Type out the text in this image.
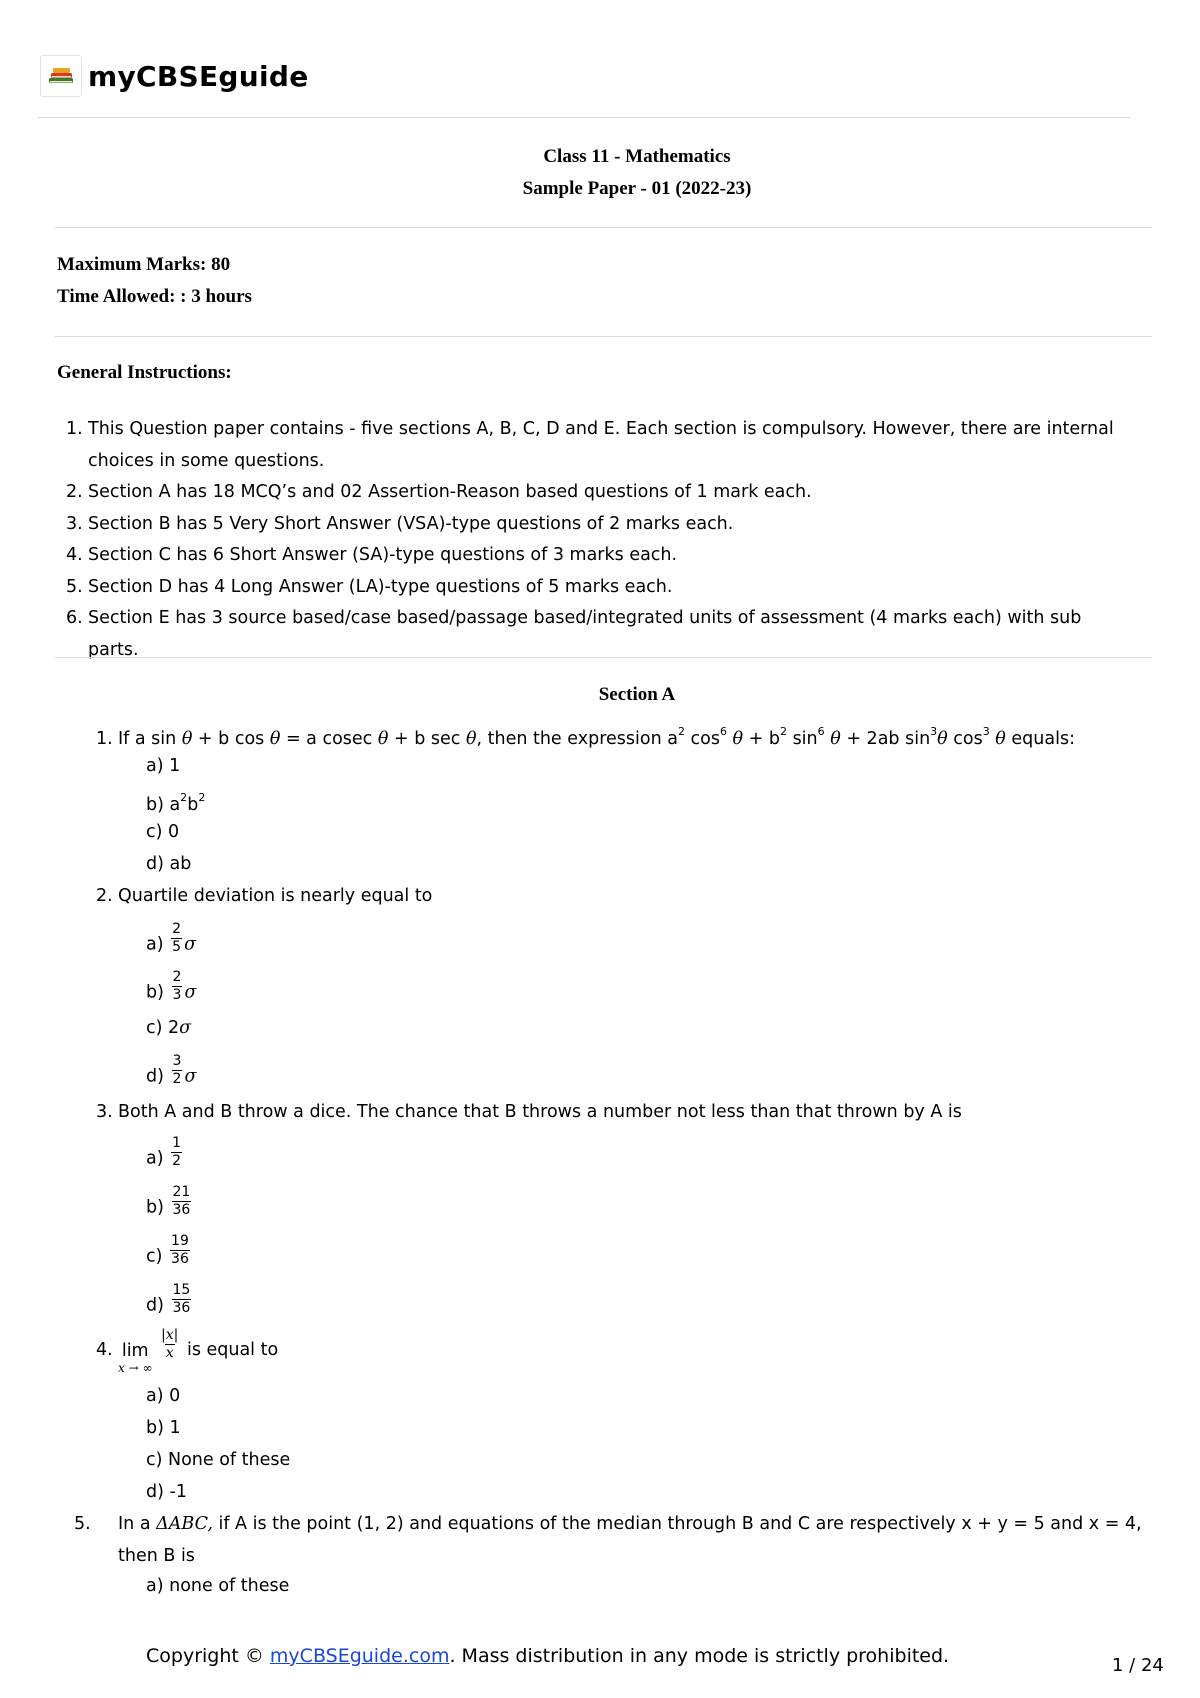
myCBSEguide
Class 11 - Mathematics
Sample Paper - 01 (2022-23)
Maximum Marks: 80
Time Allowed: : 3 hours
General Instructions:
1. This Question paper contains - five sections A, B, C, D and E. Each section is compulsory. However, there are internal choices in some questions.
2. Section A has 18 MCQ’s and 02 Assertion-Reason based questions of 1 mark each.
3. Section B has 5 Very Short Answer (VSA)-type questions of 2 marks each.
4. Section C has 6 Short Answer (SA)-type questions of 3 marks each.
5. Section D has 4 Long Answer (LA)-type questions of 5 marks each.
6. Section E has 3 source based/case based/passage based/integrated units of assessment (4 marks each) with sub parts.
Section A
1. If a sin θ + b cos θ = a cosec θ + b sec θ, then the expression $a^2$ $\cos^6 \theta + b^2$ $\sin^6 \theta + 2ab$ $\sin^3\theta$ $\cos^3 \theta$ equals:
a) 1
b) $a^2b^2$
c) 0
d) ab
2. Quartile deviation is nearly equal to
$a) \frac{2}{5}$ σ
$b) \frac{2}{3}$ σ
c) 2σ
$d) \frac{3}{2}$ σ
3. Both A and B throw a dice. The chance that B throws a number not less than that thrown by A is
$a) \frac{1}{2}$
$b) \frac{21}{36}$
$c) \frac{19}{36}$
$d) \frac{15}{36}$
4. lim
x → ∞

$\frac{|x|}{x}$ is equal to
a) 0
b) 1
c) None of these
d) -1
5. In a ΔABC, if A is the point (1, 2) and equations of the median through B and C are respectively x + y = 5 and x = 4, then B is
a) none of these
Copyright © myCBSEguide.com. Mass distribution in any mode is strictly prohibited.	1 / 24
